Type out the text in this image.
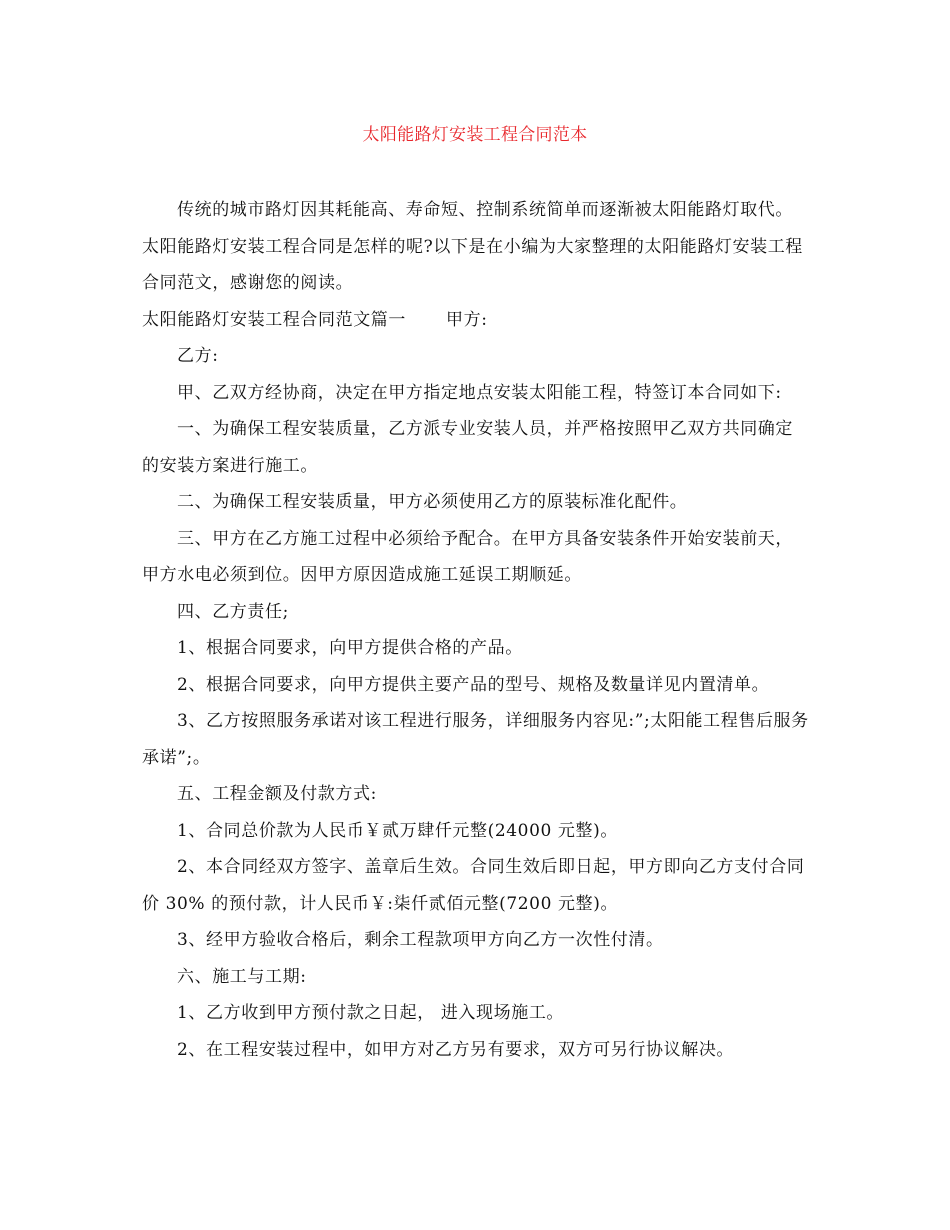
太阳能路灯安装工程合同范本

传统的城市路灯因其耗能高、寿命短、控制系统简单而逐渐被太阳能路灯取代。太阳能路灯安装工程合同是怎样的呢?以下是在小编为大家整理的太阳能路灯安装工程合同范文，感谢您的阅读。

太阳能路灯安装工程合同范文篇一 甲方:

乙方:

甲、乙双方经协商，决定在甲方指定地点安装太阳能工程，特签订本合同如下:

一、为确保工程安装质量，乙方派专业安装人员，并严格按照甲乙双方共同确定的安装方案进行施工。

二、为确保工程安装质量，甲方必须使用乙方的原装标准化配件。

三、甲方在乙方施工过程中必须给予配合。在甲方具备安装条件开始安装前天，甲方水电必须到位。因甲方原因造成施工延误工期顺延。

四、乙方责任;

1、根据合同要求，向甲方提供合格的产品。

2、根据合同要求，向甲方提供主要产品的型号、规格及数量详见内置清单。

3、乙方按照服务承诺对该工程进行服务，详细服务内容见:”;太阳能工程售后服务承诺”;。

五、工程金额及付款方式:

1、合同总价款为人民币￥贰万肆仟元整(24000 元整)。

2、本合同经双方签字、盖章后生效。合同生效后即日起，甲方即向乙方支付合同价 30% 的预付款，计人民币￥:柒仟贰佰元整(7200 元整)。

3、经甲方验收合格后，剩余工程款项甲方向乙方一次性付清。

六、施工与工期:

1、乙方收到甲方预付款之日起， 进入现场施工。

2、在工程安装过程中，如甲方对乙方另有要求，双方可另行协议解决。
